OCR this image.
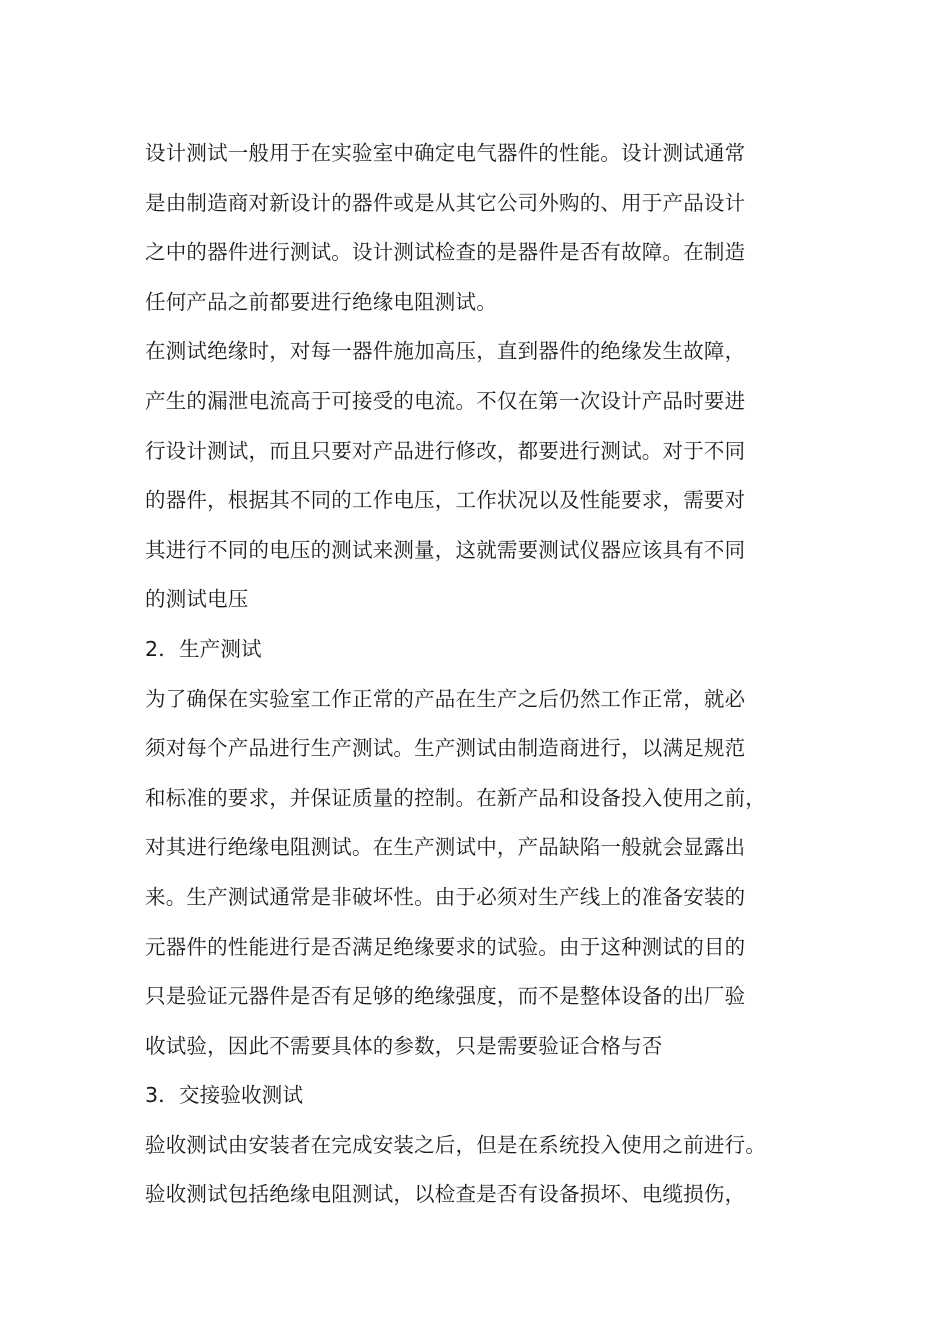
设计测试一般用于在实验室中确定电气器件的性能。设计测试通常
是由制造商对新设计的器件或是从其它公司外购的、用于产品设计
之中的器件进行测试。设计测试检查的是器件是否有故障。在制造
任何产品之前都要进行绝缘电阻测试。
在测试绝缘时，对每一器件施加高压，直到器件的绝缘发生故障，
产生的漏泄电流高于可接受的电流。不仅在第一次设计产品时要进
行设计测试，而且只要对产品进行修改，都要进行测试。对于不同
的器件，根据其不同的工作电压，工作状况以及性能要求，需要对
其进行不同的电压的测试来测量，这就需要测试仪器应该具有不同
的测试电压
2．生产测试
为了确保在实验室工作正常的产品在生产之后仍然工作正常，就必
须对每个产品进行生产测试。生产测试由制造商进行，以满足规范
和标准的要求，并保证质量的控制。在新产品和设备投入使用之前，
对其进行绝缘电阻测试。在生产测试中，产品缺陷一般就会显露出
来。生产测试通常是非破坏性。由于必须对生产线上的准备安装的
元器件的性能进行是否满足绝缘要求的试验。由于这种测试的目的
只是验证元器件是否有足够的绝缘强度，而不是整体设备的出厂验
收试验，因此不需要具体的参数，只是需要验证合格与否
3．交接验收测试
验收测试由安装者在完成安装之后，但是在系统投入使用之前进行。
验收测试包括绝缘电阻测试，以检查是否有设备损坏、电缆损伤，
